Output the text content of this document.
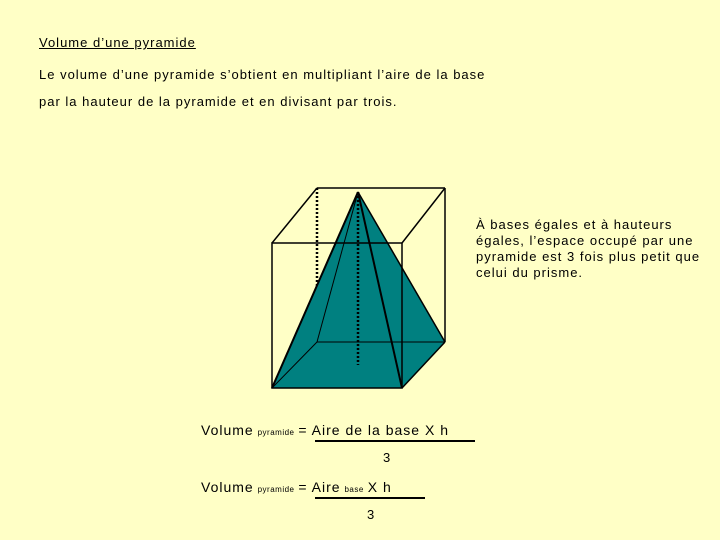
Volume d’une pyramide
Le volume d’une pyramide s’obtient en multipliant l’aire de la base
par la hauteur de la pyramide et en divisant par trois.
À bases égales et à hauteurs égales, l’espace occupé par une pyramide est 3 fois plus petit que celui du prisme.
Volume pyramide = Aire de la base X h
3
Volume pyramide = Aire base X h
3
